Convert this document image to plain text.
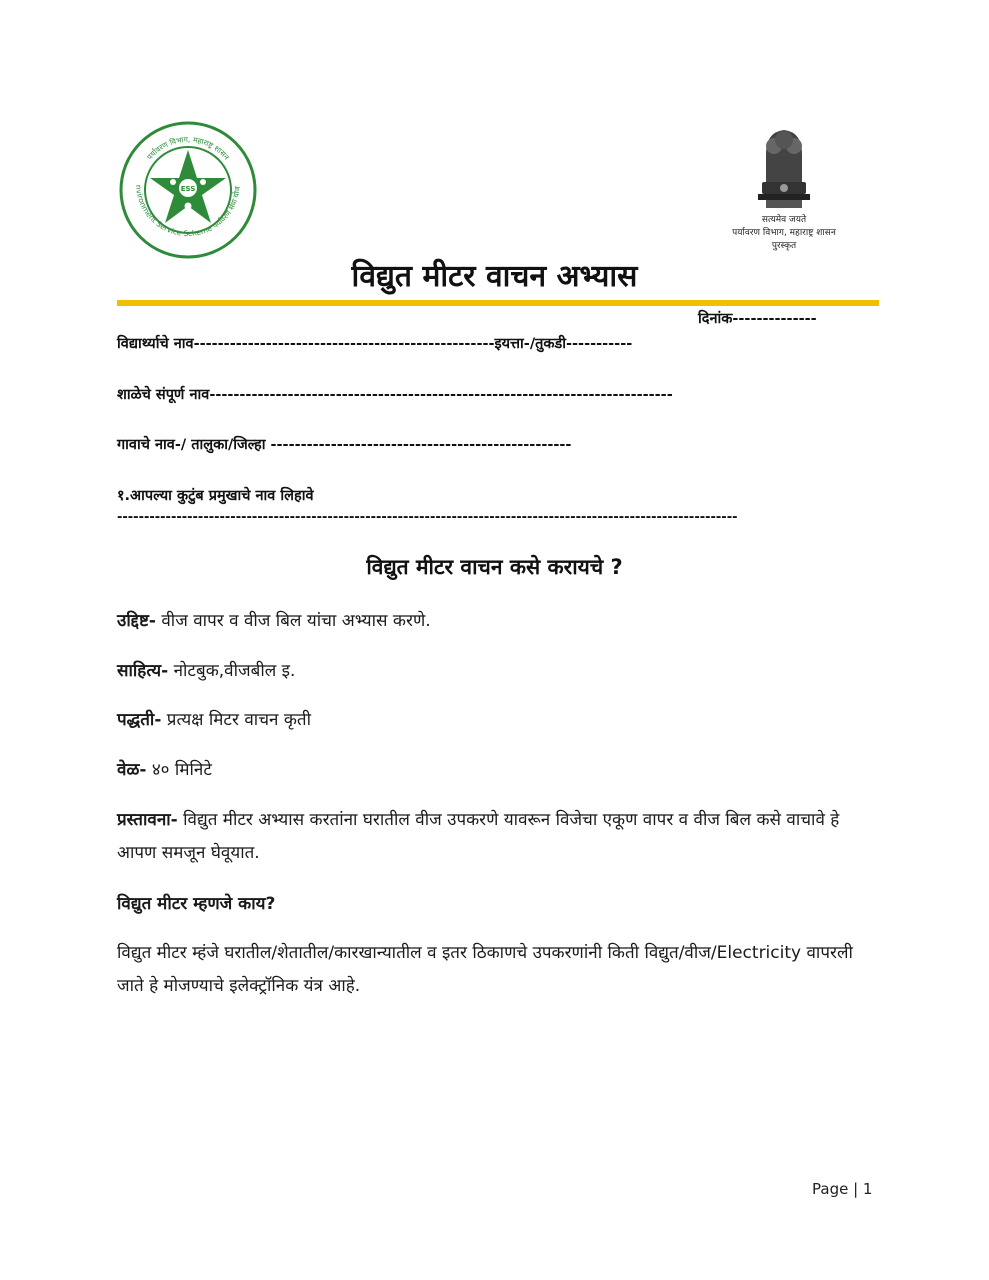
पर्यावरण विभाग, महाराष्ट्र शासन
nvironment Service Scheme पर्यावरण सेवा योज
ESS
सत्यमेव जयते
पर्यावरण विभाग, महाराष्ट्र शासन
पुरस्कृत
विद्युत मीटर वाचन अभ्यास
दिनांक--------------
विद्यार्थ्याचे नाव--------------------------------------------------इयत्ता-/तुकडी-----------
शाळेचे संपूर्ण नाव-----------------------------------------------------------------------------
गावाचे नाव-/ तालुका/जिल्हा --------------------------------------------------
१.आपल्या कुटुंब प्रमुखाचे नाव लिहावे
-------------------------------------------------------------------------------------------------------------------
विद्युत मीटर वाचन कसे करायचे ?
उद्दिष्ट- वीज वापर व वीज बिल यांचा अभ्यास करणे.
साहित्य- नोटबुक,वीजबील इ.
पद्धती- प्रत्यक्ष मिटर वाचन कृती
वेळ- ४० मिनिटे
प्रस्तावना- विद्युत मीटर अभ्यास करतांना घरातील वीज उपकरणे यावरून विजेचा एकूण वापर व वीज बिल कसे वाचावे हे आपण समजून घेवूयात.
विद्युत मीटर म्हणजे काय?
विद्युत मीटर म्हंजे घरातील/शेतातील/कारखान्यातील व इतर ठिकाणचे उपकरणांनी किती विद्युत/वीज/Electricity वापरली जाते हे मोजण्याचे इलेक्ट्रॉनिक यंत्र आहे.
Page | 1
